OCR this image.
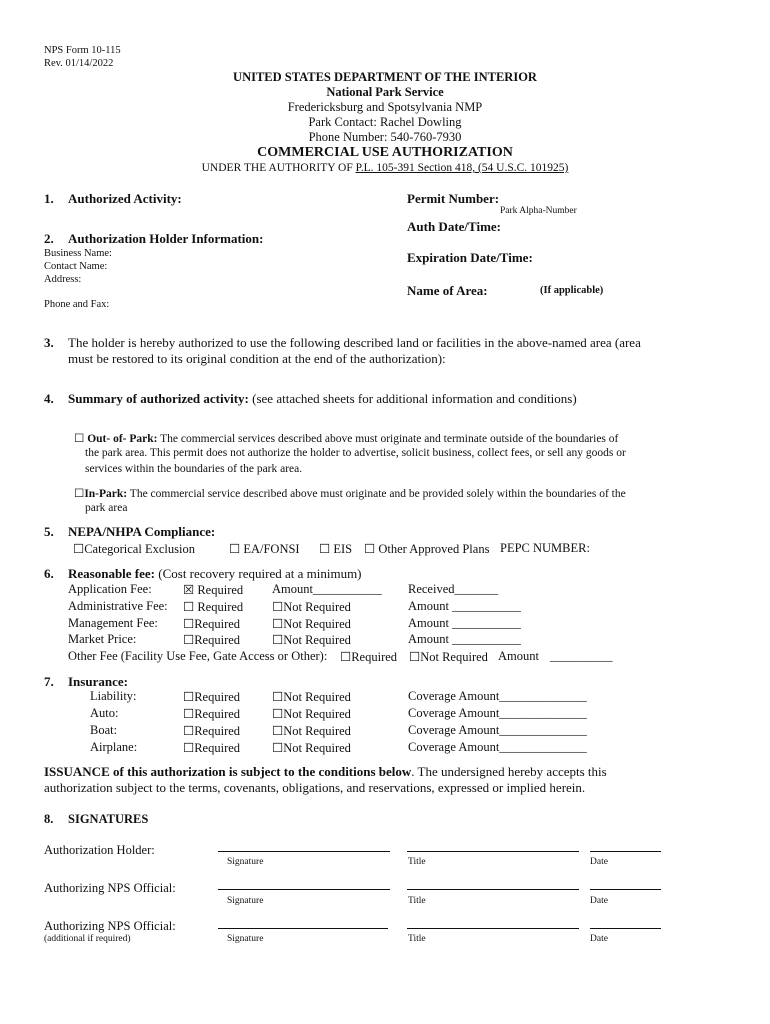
NPS Form 10-115
Rev. 01/14/2022
UNITED STATES DEPARTMENT OF THE INTERIOR
National Park Service
Fredericksburg and Spotsylvania NMP
Park Contact: Rachel Dowling
Phone Number: 540-760-7930
COMMERCIAL USE AUTHORIZATION
UNDER THE AUTHORITY OF P.L. 105-391 Section 418, (54 U.S.C. 101925)
1. Authorized Activity:	Permit Number:
Park Alpha-Number
Auth Date/Time:
Expiration Date/Time:
Name of Area:	(If applicable)
2. Authorization Holder Information:
Business Name:
Contact Name:
Address:
Phone and Fax:
3. The holder is hereby authorized to use the following described land or facilities in the above-named area (area
must be restored to its original condition at the end of the authorization):
4. Summary of authorized activity: (see attached sheets for additional information and conditions)
☐ Out- of- Park: The commercial services described above must originate and terminate outside of the boundaries of
the park area. This permit does not authorize the holder to advertise, solicit business, collect fees, or sell any goods or
services within the boundaries of the park area.
☐In-Park: The commercial service described above must originate and be provided solely within the boundaries of the
park area
5. NEPA/NHPA Compliance:
☐Categorical Exclusion	☐ EA/FONSI ☐ EIS ☐ Other Approved Plans PEPC NUMBER:
6. Reasonable fee: (Cost recovery required at a minimum)
Application Fee:	☒ Required Amount___________ Received_______
Administrative Fee: ☐ Required ☐Not Required	Amount ___________
Management Fee: ☐Required	☐Not Required	Amount ___________
Market Price:	☐Required	☐Not Required	Amount ___________
Other Fee (Facility Use Fee, Gate Access or Other): ☐Required ☐Not Required Amount __________
7. Insurance:
Liability:	☐Required	☐Not Required	Coverage Amount______________
Auto:	☐Required	☐Not Required	Coverage Amount______________
Boat:	☐Required	☐Not Required	Coverage Amount______________
Airplane:	☐Required	☐Not Required	Coverage Amount______________
ISSUANCE of this authorization is subject to the conditions below. The undersigned hereby accepts this
authorization subject to the terms, covenants, obligations, and reservations, expressed or implied herein.
8. SIGNATURES
Authorization Holder:
Signature	Title	Date
Authorizing NPS Official:
Signature	Title	Date
Authorizing NPS Official:
(additional if required)	Signature	Title	Date
